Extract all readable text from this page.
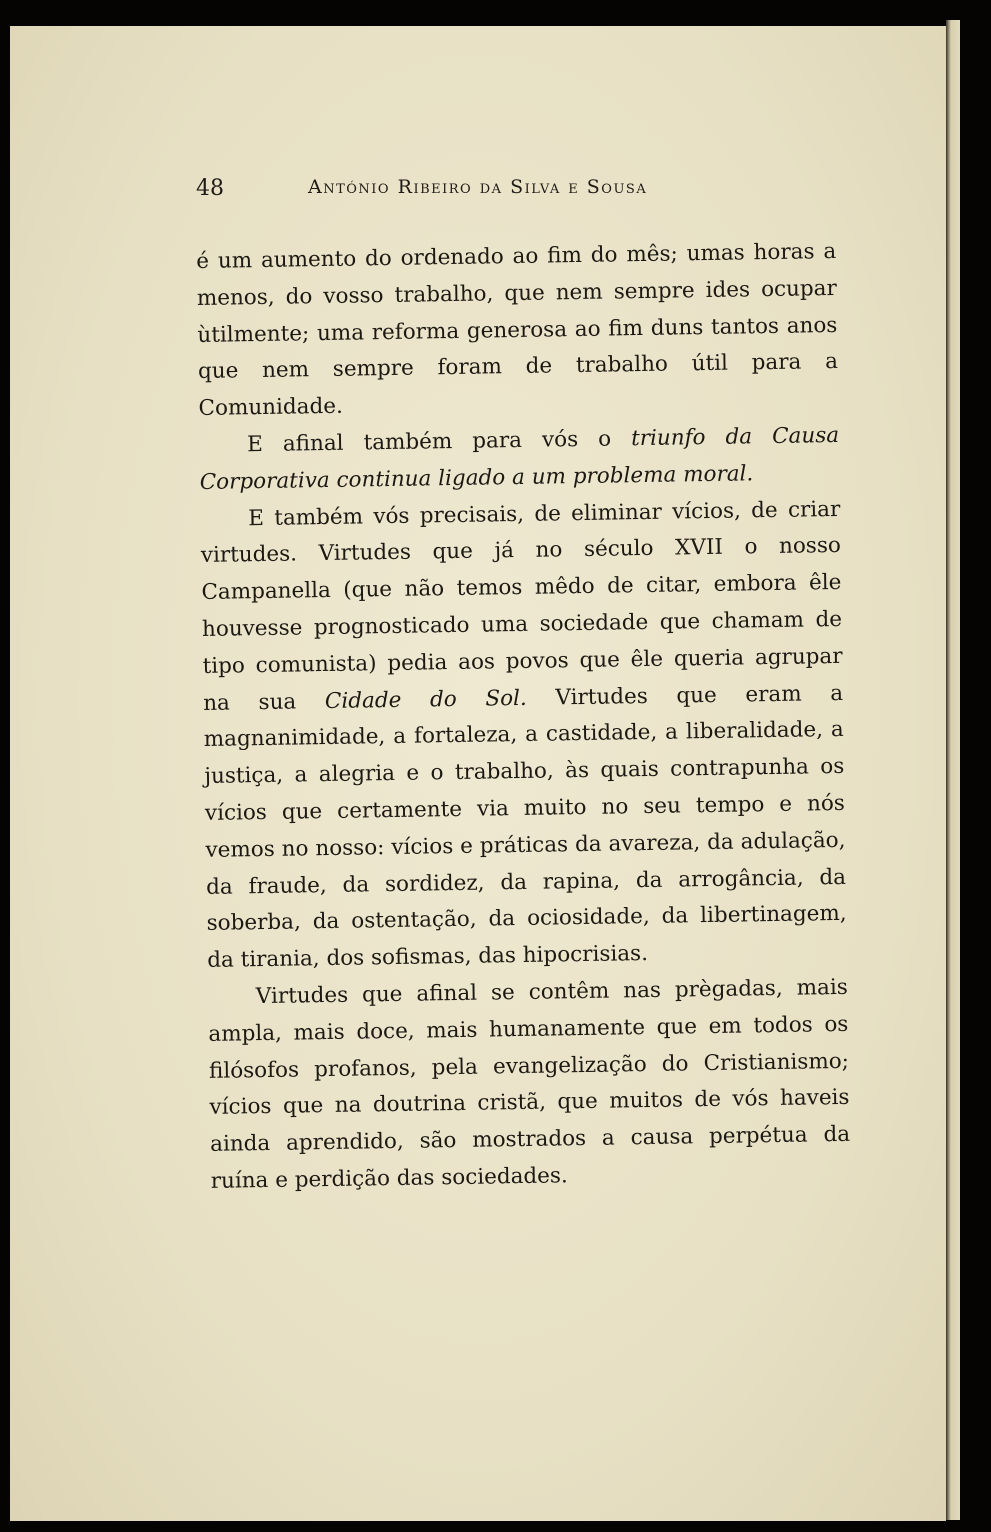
48	António Ribeiro da Silva e Sousa

é um aumento do ordenado ao fim do mês; umas horas a menos, do vosso trabalho, que nem sempre ides ocupar ùtilmente; uma reforma generosa ao fim duns tantos anos que nem sempre foram de trabalho útil para a Comunidade.

E afinal também para vós o triunfo da Causa Corporativa continua ligado a um problema moral.

E também vós precisais, de eliminar vícios, de criar virtudes. Virtudes que já no século XVII o nosso Campanella (que não temos mêdo de citar, embora êle houvesse prognosticado uma sociedade que chamam de tipo comunista) pedia aos povos que êle queria agrupar na sua Cidade do Sol. Virtudes que eram a magnanimidade, a fortaleza, a castidade, a liberalidade, a justiça, a alegria e o trabalho, às quais contrapunha os vícios que certamente via muito no seu tempo e nós vemos no nosso: vícios e práticas da avareza, da adulação, da fraude, da sordidez, da rapina, da arrogância, da soberba, da ostentação, da ociosidade, da libertinagem, da tirania, dos sofismas, das hipocrisias.

Virtudes que afinal se contêm nas prègadas, mais ampla, mais doce, mais humanamente que em todos os filósofos profanos, pela evangelização do Cristianismo; vícios que na doutrina cristã, que muitos de vós haveis ainda aprendido, são mostrados a causa perpétua da ruína e perdição das sociedades.
